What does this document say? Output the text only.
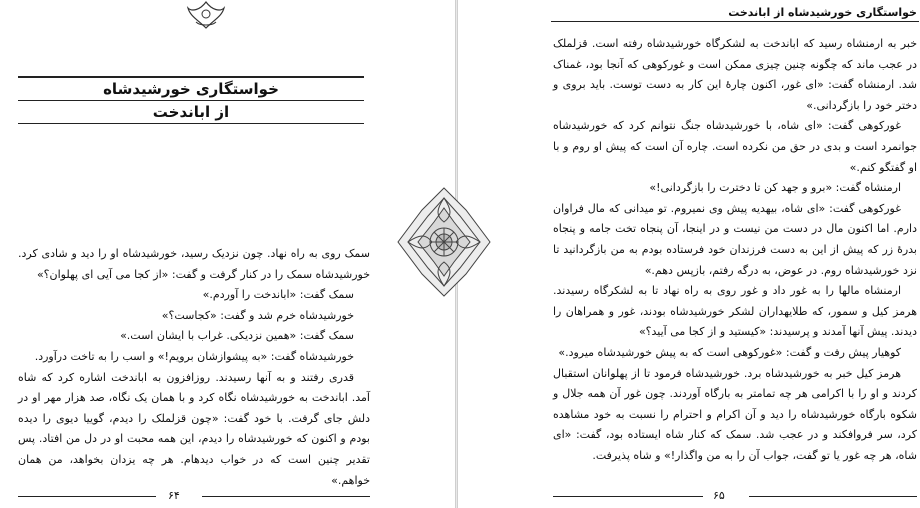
خواستگاری خورشیدشاه
از اباندخت

سمک روی به راه نهاد. چون نزدیک رسید، خورشیدشاه او را دید و شادی کرد. خورشیدشاه سمک را در کنار گرفت و گفت: «از کجا می آیی ای پهلوان؟»

سمک گفت: «اباندخت را آوردم.»

خورشیدشاه خرم شد و گفت: «کجاست؟»

سمک گفت: «همین نزدیکی. غراب با ایشان است.»

خورشیدشاه گفت: «به پیشوازشان برویم!» و اسب را به تاخت درآورد.

قدری رفتند و به آنها رسیدند. روزافزون به اباندخت اشاره کرد که شاه آمد. اباندخت به خورشیدشاه نگاه کرد و با همان یک نگاه، صد هزار مهر او در دلش جای گرفت. با خود گفت: «چون قزلملک را دیدم، گوییا دیوی را دیده بودم و اکنون که خورشیدشاه را دیدم، این همه محبت او در دل من افتاد. پس تقدیر چنین است که در خواب دیدهام. هر چه یزدان بخواهد، من همان خواهم.»

۶۴
خواستگاری خورشیدشاه از اباندخت

خبر به ارمنشاه رسید که اباندخت به لشکرگاه خورشیدشاه رفته است. قزلملک در عجب ماند که چگونه چنین چیزی ممکن است و غورکوهی که آنجا بود، غمناک شد. ارمنشاه گفت: «ای غور، اکنون چارهٔ این کار به دست توست. باید بروی و دختر خود را بازگردانی.»

غورکوهی گفت: «ای شاه، با خورشیدشاه جنگ نتوانم کرد که خورشیدشاه جوانمرد است و بدی در حق من نکرده است. چاره آن است که پیش او روم و با او گفتگو کنم.»

ارمنشاه گفت: «برو و جهد کن تا دخترت را بازگردانی!»

غورکوهی گفت: «ای شاه، بیهدیه پیش وی نمیروم. تو میدانی که مال فراوان دارم. اما اکنون مال در دست من نیست و در اینجا، آن پنجاه تخت جامه و پنجاه بدرهٔ زر که پیش از این به دست فرزندان خود فرستاده بودم به من بازگردانید تا نزد خورشیدشاه روم. در عوض، به درگه رفتم، بازپس دهم.»

ارمنشاه مالها را به غور داد و غور روی به راه نهاد تا به لشکرگاه رسیدند. هرمز کیل و سمور، که طلایهداران لشکر خورشیدشاه بودند، غور و همراهان را دیدند. پیش آنها آمدند و پرسیدند: «کیستید و از کجا می آیید؟»

کوهیار پیش رفت و گفت: «غورکوهی است که به پیش خورشیدشاه میرود.»

هرمز کیل خبر به خورشیدشاه برد. خورشیدشاه فرمود تا از پهلوانان استقبال کردند و او را با اکرامی هر چه تمامتر به بارگاه آوردند. چون غور آن همه جلال و شکوه بارگاه خورشیدشاه را دید و آن اکرام و احترام را نسبت به خود مشاهده کرد، سر فروافکند و در عجب شد. سمک که کنار شاه ایستاده بود، گفت: «ای شاه، هر چه غور یا تو گفت، جواب آن را به من واگذار!» و شاه پذیرفت.

۶۵
